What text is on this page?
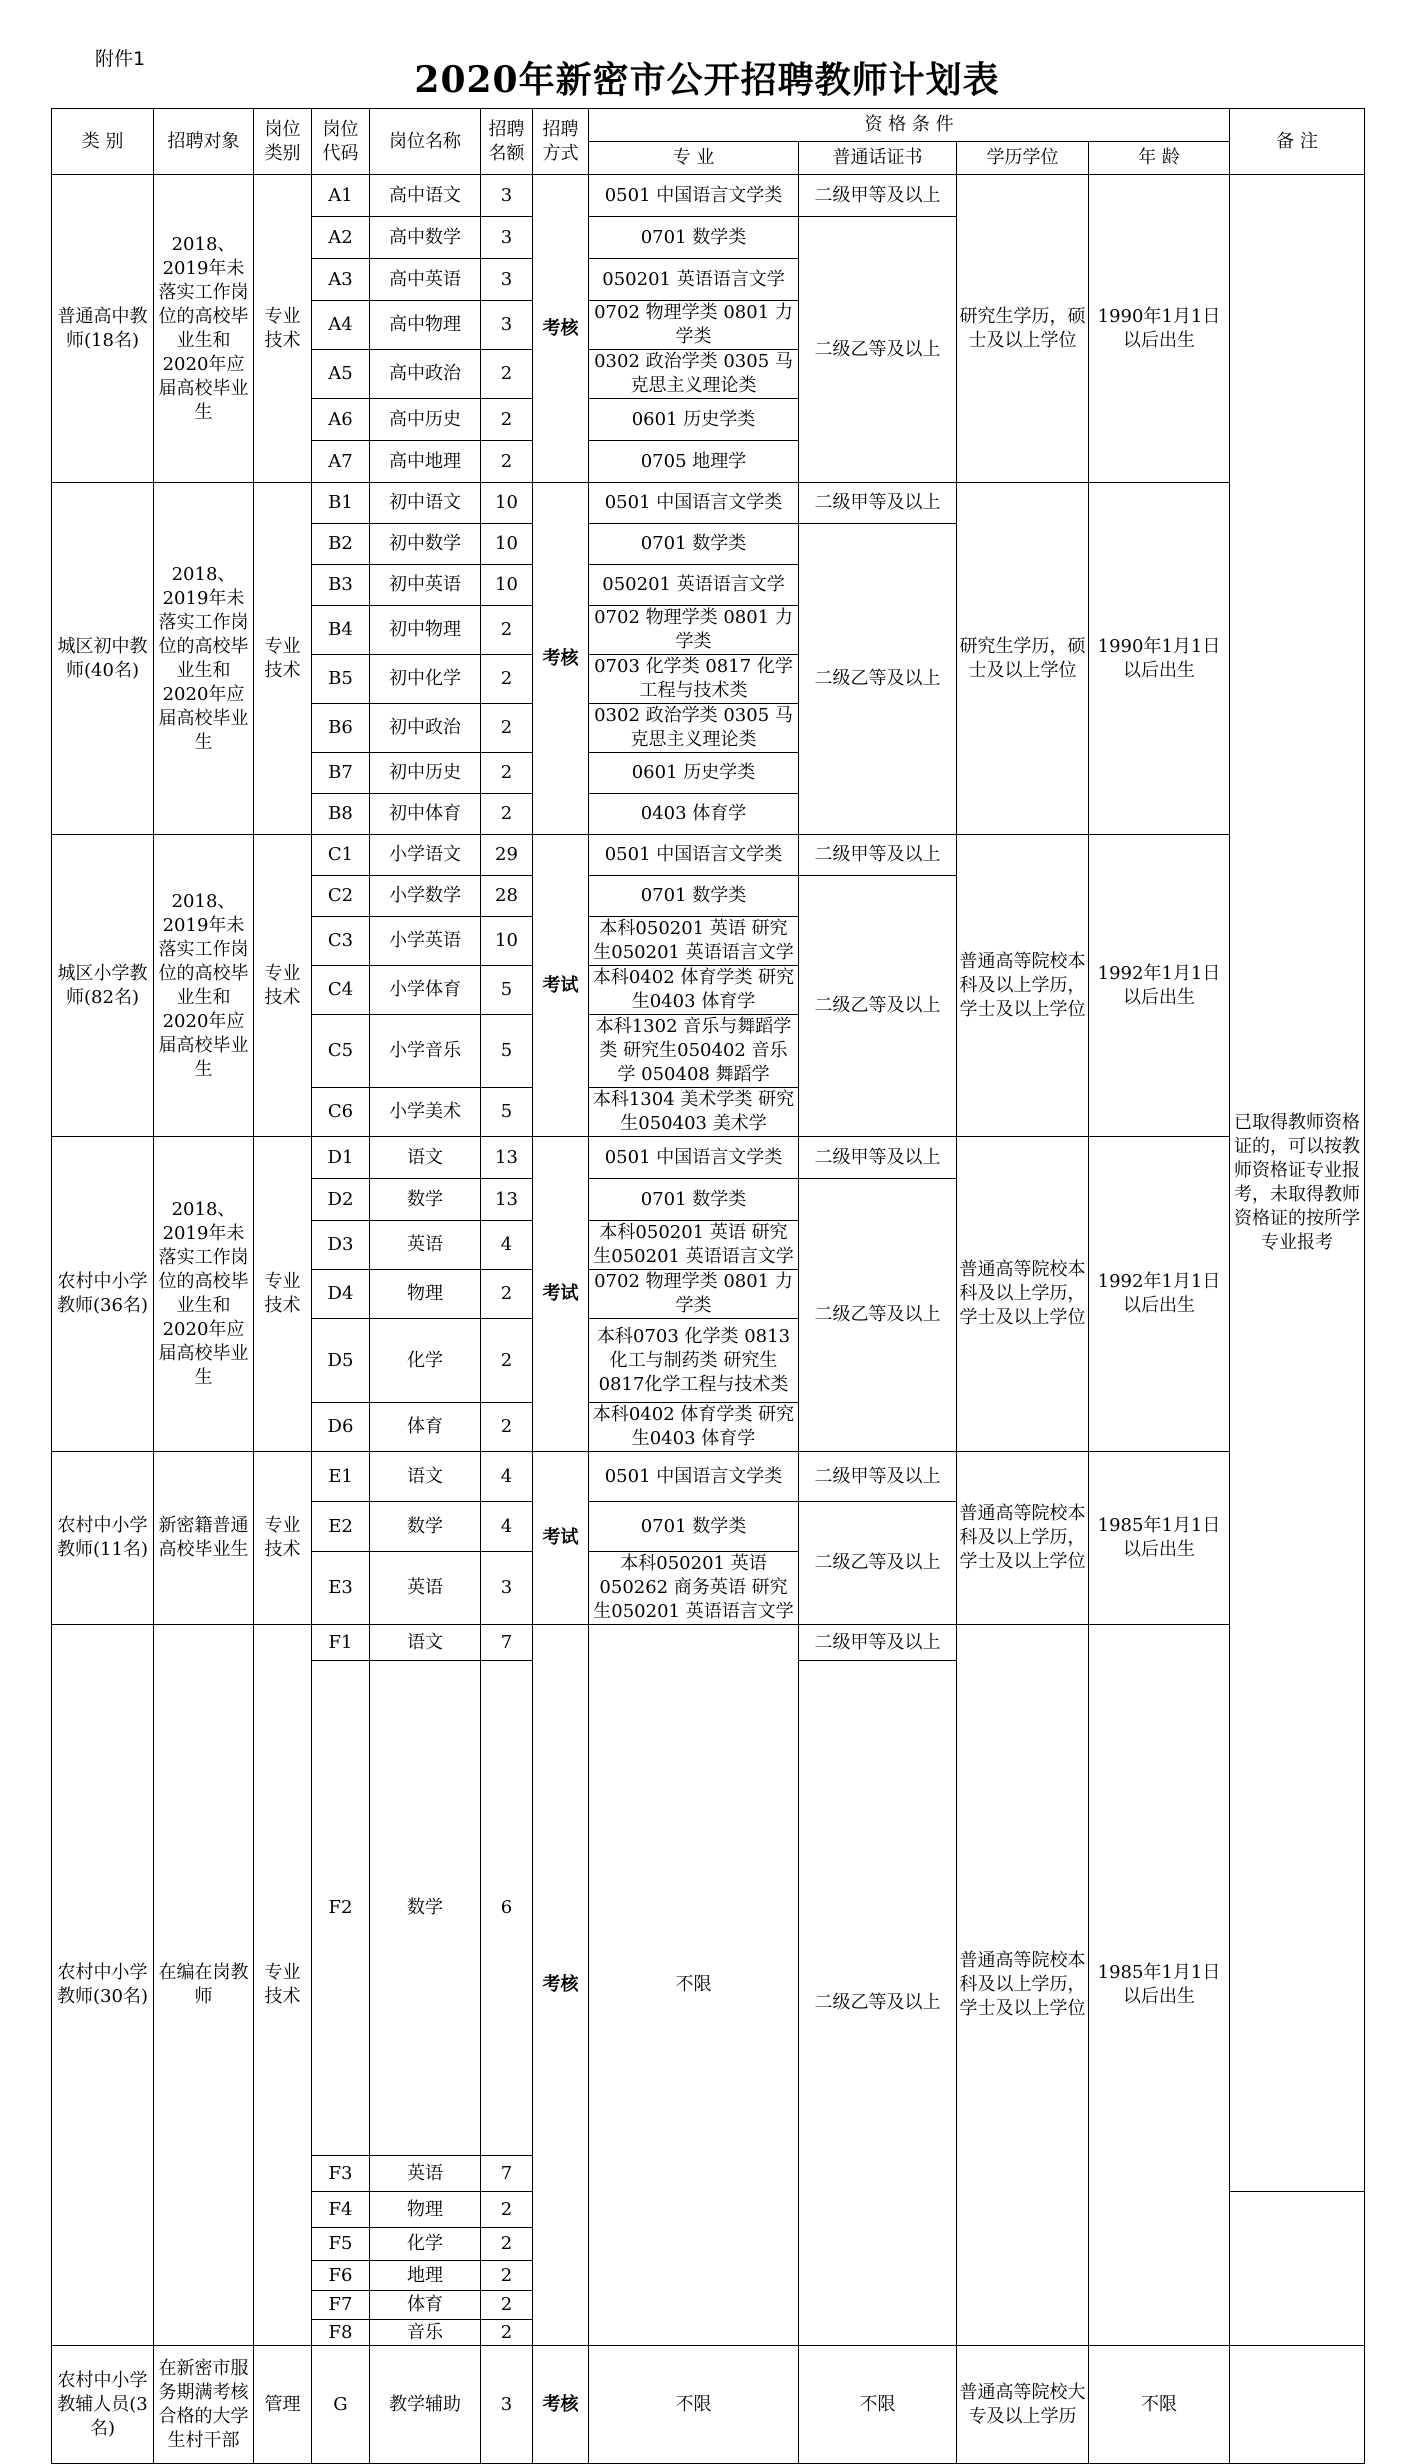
附件1	2020年新密市公开招聘教师计划表
类 别	招聘对象	岗位类别	岗位代码	岗位名称	招聘名额	招聘方式	资 格 条 件				备 注	
							专 业	普通话证书	学历学位	年 龄		
普通高中教师(18名)	2018、2019年未落实工作岗位的高校毕业生和2020年应届高校毕业生	专业技术	A1	高中语文	3	考核	0501 中国语言文学类	二级甲等及以上	研究生学历，硕士及以上学位	1990年1月1日以后出生	已取得教师资格证的，可以按教师资格证专业报考，未取得教师资格证的按所学专业报考	
			A2	高中数学	3		0701 数学类	二级乙等及以上				
			A3	高中英语	3		050201 英语语言文学					
			A4	高中物理	3		0702 物理学类 0801 力学类					
			A5	高中政治	2		0302 政治学类 0305 马克思主义理论类					
			A6	高中历史	2		0601 历史学类					
			A7	高中地理	2		0705 地理学					
城区初中教师(40名)	2018、2019年未落实工作岗位的高校毕业生和2020年应届高校毕业生	专业技术	B1	初中语文	10	考核	0501 中国语言文学类	二级甲等及以上	研究生学历，硕士及以上学位	1990年1月1日以后出生		
			B2	初中数学	10		0701 数学类	二级乙等及以上				
			B3	初中英语	10		050201 英语语言文学					
			B4	初中物理	2		0702 物理学类 0801 力学类					
			B5	初中化学	2		0703 化学类 0817 化学工程与技术类					
			B6	初中政治	2		0302 政治学类 0305 马克思主义理论类					
			B7	初中历史	2		0601 历史学类					
			B8	初中体育	2		0403 体育学					
城区小学教师(82名)	2018、2019年未落实工作岗位的高校毕业生和2020年应届高校毕业生	专业技术	C1	小学语文	29	考试	0501 中国语言文学类	二级甲等及以上	普通高等院校本科及以上学历，学士及以上学位	1992年1月1日以后出生		
			C2	小学数学	28		0701 数学类	二级乙等及以上				
			C3	小学英语	10		本科050201 英语 研究生050201 英语语言文学					
			C4	小学体育	5		本科0402 体育学类 研究生0403 体育学					
			C5	小学音乐	5		本科1302 音乐与舞蹈学类 研究生050402 音乐学 050408 舞蹈学					
			C6	小学美术	5		本科1304 美术学类 研究生050403 美术学					
农村中小学教师(36名)	2018、2019年未落实工作岗位的高校毕业生和2020年应届高校毕业生	专业技术	D1	语文	13	考试	0501 中国语言文学类	二级甲等及以上	普通高等院校本科及以上学历，学士及以上学位	1992年1月1日以后出生		
			D2	数学	13		0701 数学类	二级乙等及以上				
			D3	英语	4		本科050201 英语 研究生050201 英语语言文学					
			D4	物理	2		0702 物理学类 0801 力学类					
			D5	化学	2		本科0703 化学类 0813 化工与制药类 研究生0817化学工程与技术类					
			D6	体育	2		本科0402 体育学类 研究生0403 体育学					
农村中小学教师(11名)	新密籍普通高校毕业生	专业技术	E1	语文	4	考试	0501 中国语言文学类	二级甲等及以上	普通高等院校本科及以上学历，学士及以上学位	1985年1月1日以后出生		
			E2	数学	4		0701 数学类	二级乙等及以上				
			E3	英语	3		本科050201 英语 050262 商务英语 研究生050201 英语语言文学					
农村中小学教师(30名)	在编在岗教师	专业技术	F1	语文	7	考核	不限	二级甲等及以上	普通高等院校本科及以上学历，学士及以上学位	1985年1月1日以后出生	
			F2	数学	6			二级乙等及以上				
			F3	英语	7							
			F4	物理	2							
			F5	化学	2							
			F6	地理	2							
			F7	体育	2							
			F8	音乐	2							
农村中小学教辅人员(3名)	在新密市服务期满考核合格的大学生村干部	管理	G	教学辅助	3	考核	不限	不限	普通高等院校大专及以上学历	不限		
